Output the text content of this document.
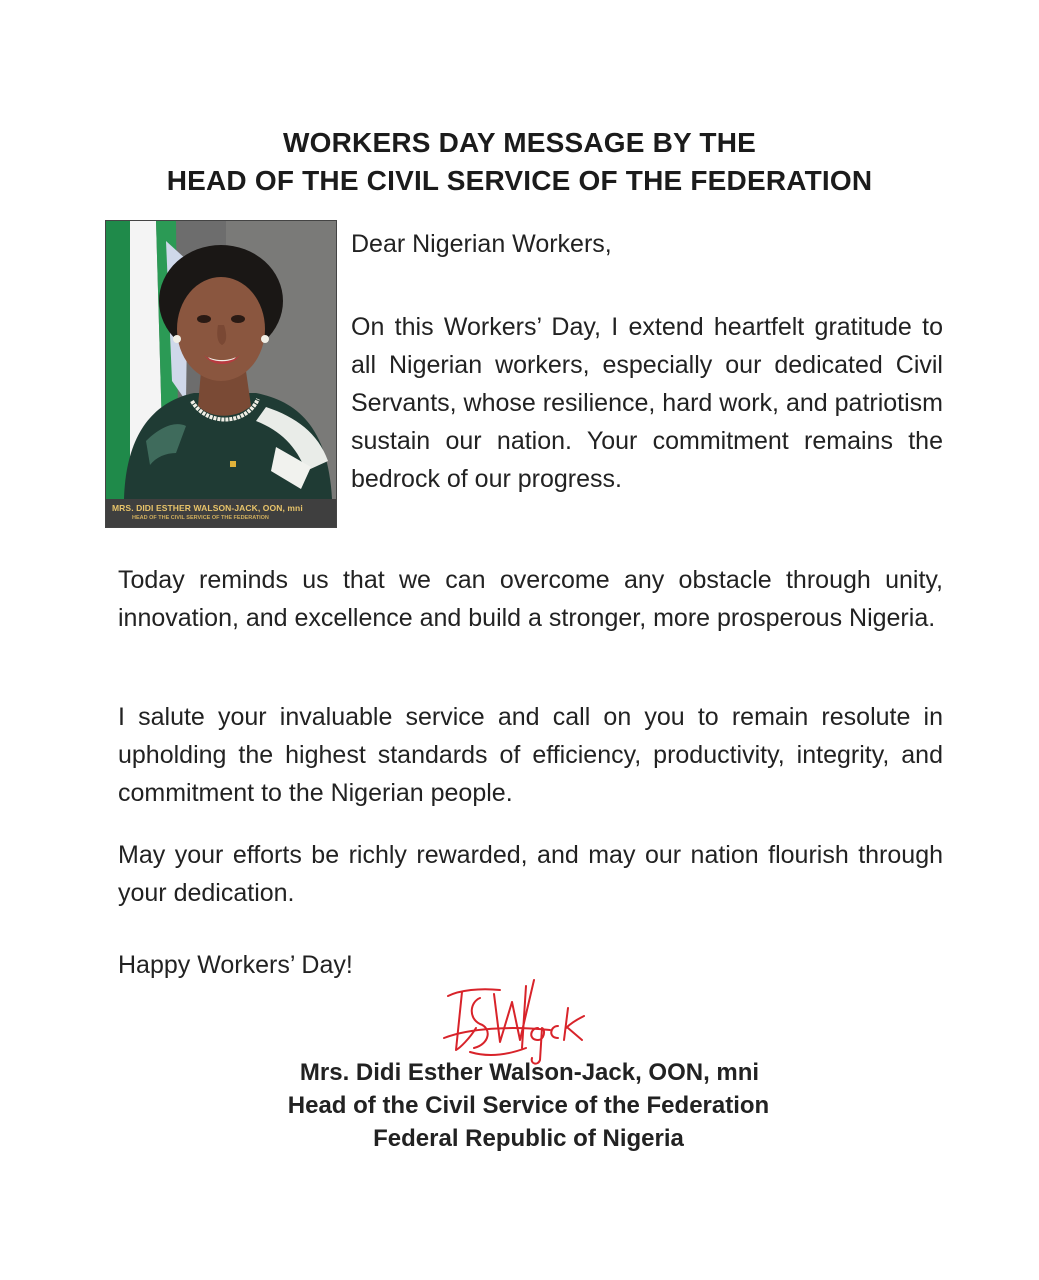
WORKERS DAY MESSAGE BY THE
HEAD OF THE CIVIL SERVICE OF THE FEDERATION
MRS. DIDI ESTHER WALSON-JACK, OON, mni
HEAD OF THE CIVIL SERVICE OF THE FEDERATION
Dear Nigerian Workers,
On this Workers’ Day, I extend heartfelt gratitude to all Nigerian workers, especially our dedicated Civil Servants, whose resilience, hard work, and patriotism sustain our nation. Your commitment remains the bedrock of our progress.
Today reminds us that we can overcome any obstacle through unity, innovation, and excellence and build a stronger, more prosperous Nigeria.
I salute your invaluable service and call on you to remain resolute in upholding the highest standards of efficiency, productivity, integrity, and commitment to the Nigerian people.
May your efforts be richly rewarded, and may our nation flourish through your dedication.
Happy Workers’ Day!
Mrs. Didi Esther Walson-Jack, OON, mni
Head of the Civil Service of the Federation
Federal Republic of Nigeria
